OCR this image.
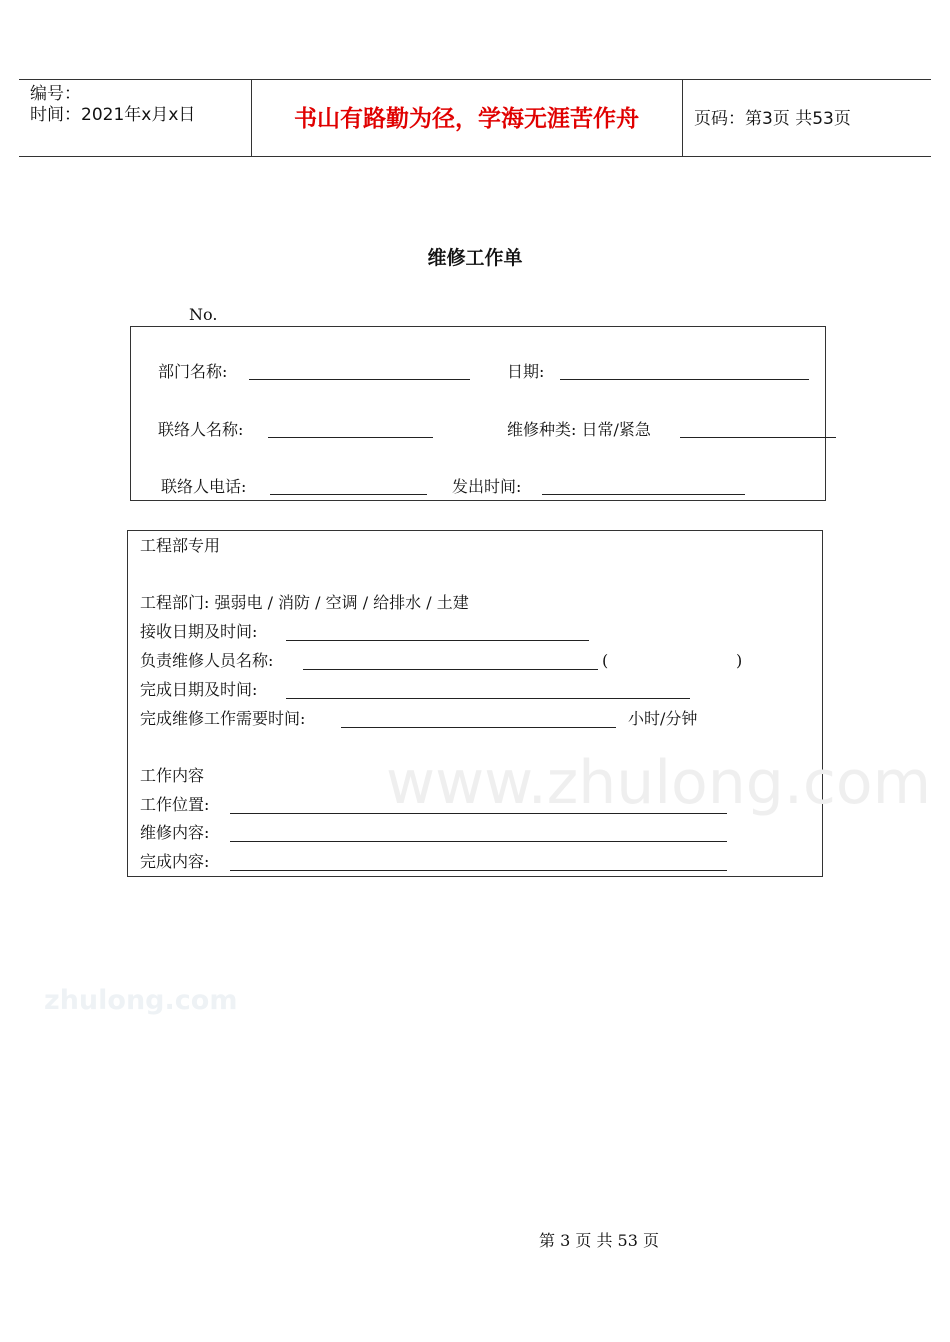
编号：
时间：2021年x月x日	书山有路勤为径，学海无涯苦作舟	页码：第3页 共53页
维修工作单
No.
部门名称:	日期:
联络人名称:	维修种类: 日常/紧急
联络人电话:	发出时间:
工程部专用
工程部门: 强弱电 / 消防 / 空调 / 给排水 / 土建
接收日期及时间:
负责维修人员名称:	(	)
完成日期及时间:
完成维修工作需要时间:	小时/分钟
工作内容
工作位置:
维修内容:
完成内容:
www.zhulong.com
zhulong.com
第 3 页 共 53 页
